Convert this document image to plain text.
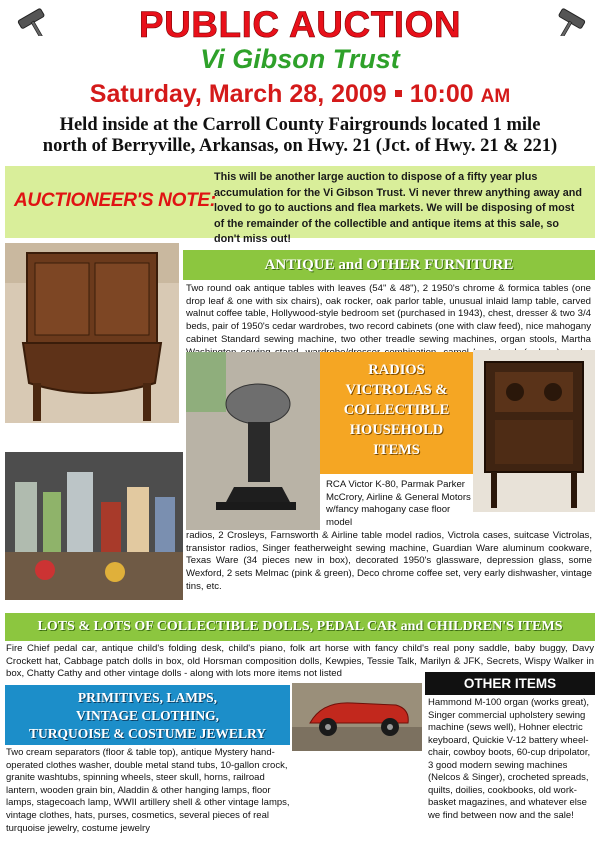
PUBLIC AUCTION
Vi Gibson Trust
Saturday, March 28, 2009 10:00 AM
Held inside at the Carroll County Fairgrounds located 1 mile
north of Berryville, Arkansas, on Hwy. 21 (Jct. of Hwy. 21 & 221)
AUCTIONEER'S NOTE:
This will be another large auction to dispose of a fifty year plus accumulation for the Vi Gibson Trust. Vi never threw anything away and loved to go to auctions and flea markets. We will be disposing of most of the remainder of the collectible and antique items at this sale, so don't miss out!
ANTIQUE and OTHER FURNITURE
Two round oak antique tables with leaves (54" & 48"), 2 1950's chrome & formica tables (one drop leaf & one with six chairs), oak rocker, oak parlor table, unusual inlaid lamp table, carved walnut coffee table, Hollywood-style bedroom set (purchased in 1943), chest, dresser & two 3/4 beds, pair of 1950's cedar wardrobes, two record cabinets (one with claw feed), nice mahogany cabinet Standard sewing machine, two other treadle sewing machines, organ stools, Martha
RADIOS
VICTROLAS &
COLLECTIBLE
HOUSEHOLD
ITEMS
RCA Victor K-80, Parmak Parker McCrory, Airline & General Motors w/fancy mahogany case floor model
radios, 2 Crosleys, Farnsworth & Airline table model radios, Victrola cases, suitcase Victrolas, transistor radios, Singer featherweight sewing machine, Guardian Ware aluminum cookware, Texas Ware (34 pieces new in box), decorated 1950's glassware, depression glass, some Wexford, 2 sets Melmac (pink & green), Deco chrome coffee set, very early dishwasher, vintage tins, etc.
LOTS & LOTS OF COLLECTIBLE DOLLS, PEDAL CAR and CHILDREN'S ITEMS
Fire Chief pedal car, antique child's folding desk, child's piano, folk art horse with fancy child's real pony saddle, baby buggy, Davy Crockett hat, Cabbage patch dolls in box, old Horsman composition dolls, Kewpies, Tessie Talk, Marilyn & JFK, Secrets, Wispy Walker in box, Chatty Cathy and other vintage dolls - along with lots more items not listed
PRIMITIVES, LAMPS,
VINTAGE CLOTHING,
TURQUOISE & COSTUME JEWELRY
Two cream separators (floor & table top), antique Mystery hand-operated clothes washer, double metal stand tubs, 10-gallon crock, granite washtubs, spinning wheels, steer skull, horns, railroad lantern, wooden grain bin, Aladdin & other hanging lamps, floor lamps, stagecoach lamp, WWII artillery shell & other vintage lamps, vintage clothes, hats, purses, cosmetics, several pieces of real turquoise jewelry, costume jewelry
OTHER ITEMS
Hammond M-100 organ (works great), Singer commercial upholstery sewing machine (sews well), Hohner electric keyboard, Quickie V-12 battery wheel-chair, cowboy boots, 60-cup dripolator, 3 good modern sewing machines (Nelcos & Singer), crocheted spreads, quilts, doilies, cookbooks, old work-basket magazines, and whatever else we find between now and the sale!
